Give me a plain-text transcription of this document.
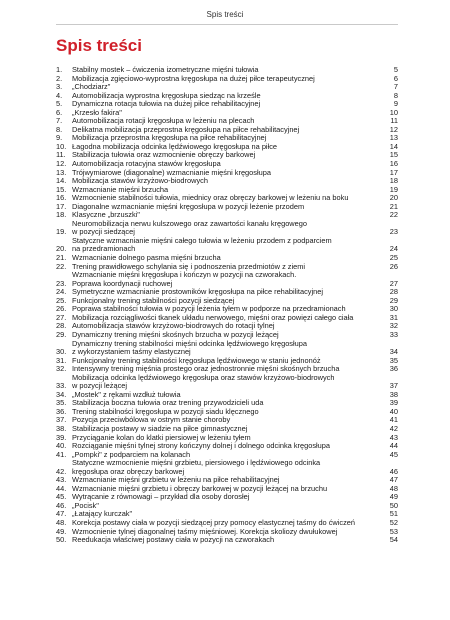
Spis treści
Spis treści
1.	Stabilny mostek – ćwiczenia izometryczne mięśni tułowia	5
2.	Mobilizacja zgięciowo-wyprostna kręgosłupa na dużej piłce terapeutycznej	6
3.	„Chodziarz"	7
4.	Automobilizacja wyprostna kręgosłupa siedząc na krześle	8
5.	Dynamiczna rotacja tułowia na dużej piłce rehabilitacyjnej	9
6.	„Krzesło fakira"	10
7.	Automobilizacja rotacji kręgosłupa w leżeniu na plecach	11
8.	Delikatna mobilizacja przeprostna kręgosłupa na piłce rehabilitacyjnej	12
9.	Mobilizacja przeprostna kręgosłupa na piłce rehabilitacyjnej	13
10. Łagodna mobilizacja odcinka lędźwiowego kręgosłupa na piłce	14
11. Stabilizacja tułowia oraz wzmocnienie obręczy barkowej	15
12. Automobilizacja rotacyjna stawów kręgosłupa	16
13. Trójwymiarowe (diagonalne) wzmacnianie mięśni kręgosłupa	17
14. Mobilizacja stawów krzyżowo-biodrowych	18
15. Wzmacnianie mięśni brzucha	19
16. Wzmocnienie stabilności tułowia, miednicy oraz obręczy barkowej w leżeniu na boku	20
17. Diagonalne wzmacnianie mięśni kręgosłupa w pozycji leżenie przodem	21
18. Klasyczne „brzuszki"	22
19.
Neuromobilizacja nerwu kulszowego oraz zawartości kanału kręgowego
w pozycji siedzącej	23
20.
Statyczne wzmacnianie mięśni całego tułowia w leżeniu przodem z podparciem
na przedramionach	24
21. Wzmacnianie dolnego pasma mięśni brzucha	25
22. Trening prawidłowego schylania się i podnoszenia przedmiotów z ziemi	26
23.
Wzmacnianie mięśni kręgosłupa i kończyn w pozycji na czworakach.
Poprawa koordynacji ruchowej	27
24. Symetryczne wzmacnianie prostowników kręgosłupa na piłce rehabilitacyjnej	28
25. Funkcjonalny trening stabilności pozycji siedzącej	29
26. Poprawa stabilności tułowia w pozycji leżenia tyłem w podporze na przedramionach	30
27. Mobilizacja rozciągliwości tkanek układu nerwowego, mięśni oraz powięzi całego ciała	31
28. Automobilizacja stawów krzyżowo-biodrowych do rotacji tylnej	32
29. Dynamiczny trening mięśni skośnych brzucha w pozycji leżącej	33
30.
Dynamiczny trening stabilności mięśni odcinka lędźwiowego kręgosłupa
z wykorzystaniem taśmy elastycznej	34
31. Funkcjonalny trening stabilności kręgosłupa lędźwiowego w staniu jednonóż	35
32. Intensywny trening mięśnia prostego oraz jednostronnie mięśni skośnych brzucha	36
33.
Mobilizacja odcinka lędźwiowego kręgosłupa oraz stawów krzyżowo-biodrowych
w pozycji leżącej	37
34. „Mostek" z rękami wzdłuż tułowia	38
35. Stabilizacja boczna tułowia oraz trening przywodzicieli uda	39
36. Trening stabilności kręgosłupa w pozycji siadu klęcznego	40
37. Pozycja przeciwbólowa w ostrym stanie choroby	41
38. Stabilizacja postawy w siadzie na piłce gimnastycznej	42
39. Przyciąganie kolan do klatki piersiowej w leżeniu tyłem	43
40. Rozciąganie mięśni tylnej strony kończyny dolnej i dolnego odcinka kręgosłupa	44
41. „Pompki" z podparciem na kolanach	45
42.
Statyczne wzmocnienie mięśni grzbietu, piersiowego i lędźwiowego odcinka
kręgosłupa oraz obręczy barkowej	46
43. Wzmacnianie mięśni grzbietu w leżeniu na piłce rehabilitacyjnej	47
44. Wzmacnianie mięśni grzbietu i obręczy barkowej w pozycji leżącej na brzuchu	48
45. Wytrącanie z równowagi – przykład dla osoby dorosłej	49
46. „Pocisk"	50
47. „Łatający kurczak"	51
48. Korekcja postawy ciała w pozycji siedzącej przy pomocy elastycznej taśmy do ćwiczeń	52
49. Wzmocnienie tylnej diagonalnej taśmy mięśniowej. Korekcja skoliozy dwułukowej	53
50. Reedukacja właściwej postawy ciała w pozycji na czworakach	54
